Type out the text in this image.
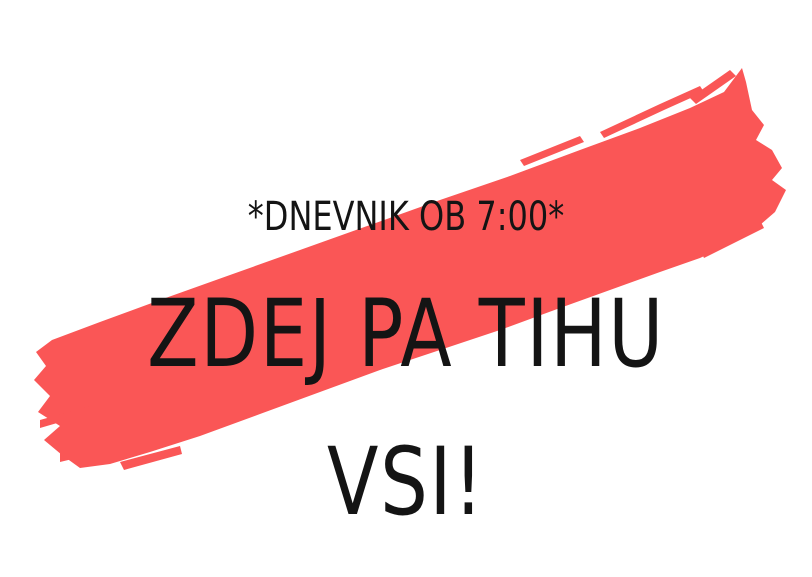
*DNEVNIK OB 7:00*
ZDEJ PA TIHU
VSI!
